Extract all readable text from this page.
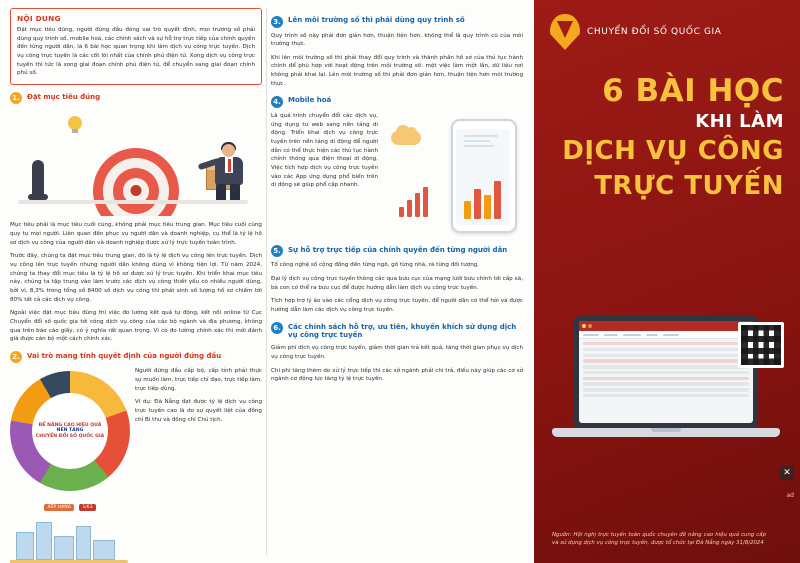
NỘI DUNG
Đặt mục tiêu đúng, người đứng đầu đóng vai trò quyết định, mọi trương số phải dùng quy trình số, mobile hoá, các chính sách và sự hỗ trợ trực tiếp của chính quyền đến từng người dân, là 6 bài học quan trọng khi làm dịch vụ công trực tuyến. Dịch vụ công trực tuyến là các cốt lõi nhất của chính phủ điện tử. Xong dịch vụ công trực tuyến thì tức là xong giai đoạn chính phủ điện tử, để chuyển sang giai đoạn chính phủ số.
1.	Đặt mục tiêu đúng

Mục tiêu phải là mục tiêu cuối cùng, không phải mục tiêu trung gian. Mục tiêu cuối cùng quy tụ mọi người. Liên quan đến phục vụ người dân và doanh nghiệp, cụ thể là tỷ lệ hồ sơ dịch vụ công của người dân và doanh nghiệp được xử lý trực tuyến toàn trình.

Trước đây, chúng ta đặt mục tiêu trung gian, đó là tỷ lệ dịch vụ công lên trực tuyến. Dịch vụ công lên trực tuyến nhưng người dân không dùng vì không tiện lợi. Từ năm 2024, chúng ta thay đổi mục tiêu là tỷ lệ hồ sơ được xử lý trực tuyến. Khi triển khai mục tiêu này, chúng ta tập trung vào làm trước các dịch vụ công thiết yếu có nhiều người dùng, bởi vì, 8,3% trong tổng số 8400 số dịch vụ công thì phát sinh số lượng hồ sơ chiếm tới 80% tất cả các dịch vụ công.

Ngoài việc đặt mục tiêu đúng thì việc đo lường kết quả tự động, kết nối online từ Cục Chuyển đổi số quốc gia tới công dịch vụ công của các bộ ngành và địa phương, không qua trên báo cáo giấy, có ý nghĩa rất quan trọng. Vì có đo lường chính xác thì mới đánh giá được cán bộ một cách chính xác.

2.	Vai trò mang tính quyết định của người đứng đầu
ĐỂ NÂNG CAO HIỆU QUẢ
NỀN TẢNG
CHUYỂN ĐỔI SỐ QUỐC GIA
XẾP HẠNG 1/63

Người đứng đầu cấp bộ, cấp tỉnh phải thực sự muốn làm, trực tiếp chỉ đạo, trực tiếp làm, trực tiếp dùng.

Ví dụ: Đà Nẵng đạt được tỷ lệ dịch vụ công trực tuyến cao là do sự quyết liệt của đồng chí Bí thư và đồng chí Chủ tịch.

3.	Lên môi trường số thì phải dùng quy trình số

Quy trình số này phải đơn giản hơn, thuận tiện hơn, không thể là quy trình cũ của môi trường thực.

Khi lên môi trường số thì phải thay đổi quy trình và thành phần hồ sơ của thủ tục hành chính để phù hợp với hoạt động trên môi trường số: một việc làm một lần, dữ liệu nơi không phải khai lại. Lên môi trường số thì phải đơn giản hơn, thuận tiện hơn môi trường thực.

4.	Mobile hoá

Là quá trình chuyển đổi các dịch vụ, ứng dụng tư web sang nền tảng di động. Triển khai dịch vụ công trực tuyến trên nền tảng di động để người dân có thể thực hiện các thủ tục hành chính thông qua điện thoại di động. Việc tích hợp dịch vụ công trực tuyến vào các App ứng dụng phổ biến trên di động sẽ giúp phổ cập nhanh.

5.	Sự hỗ trợ trực tiếp của chính quyền đến từng người dân

Tổ công nghệ số cộng đồng đến từng ngõ, gõ từng nhà, rà từng đối tượng.

Đại lý dịch vụ công trực tuyến thông các qua bưu cục của mạng lưới bưu chính tới cấp xã, bà con có thể ra bưu cục để được hướng dẫn làm dịch vụ công trực tuyến.

Tích hợp trợ lý ảo vào các cổng dịch vụ công trực tuyến, để người dân có thể hỏi và được hướng dẫn làm các dịch vụ công trực tuyến.

6.	Các chính sách hỗ trợ, ưu tiên, khuyến khích sử dụng dịch vụ công trực tuyến

Giảm phí dịch vụ công trực tuyến, giảm thời gian trả kết quả, tăng thời gian phục vụ dịch vụ công trực tuyến.

Chi phí tăng thêm do xử lý trực tiếp thì các sở ngành phải chi trả, điều này giúp các cơ sở ngành cơ động lực tăng tỷ lệ trực tuyến.

CHUYỂN ĐỔI SỐ QUỐC GIA
6 BÀI HỌC
KHI LÀM
DỊCH VỤ CÔNG
TRỰC TUYẾN
Nguồn: Hội nghị trực tuyến toàn quốc chuyên đề nâng cao hiệu quả cung cấp và sử dụng dịch vụ công trực tuyến, được tổ chức tại Đà Nẵng ngày 31/8/2024
✕
ad
